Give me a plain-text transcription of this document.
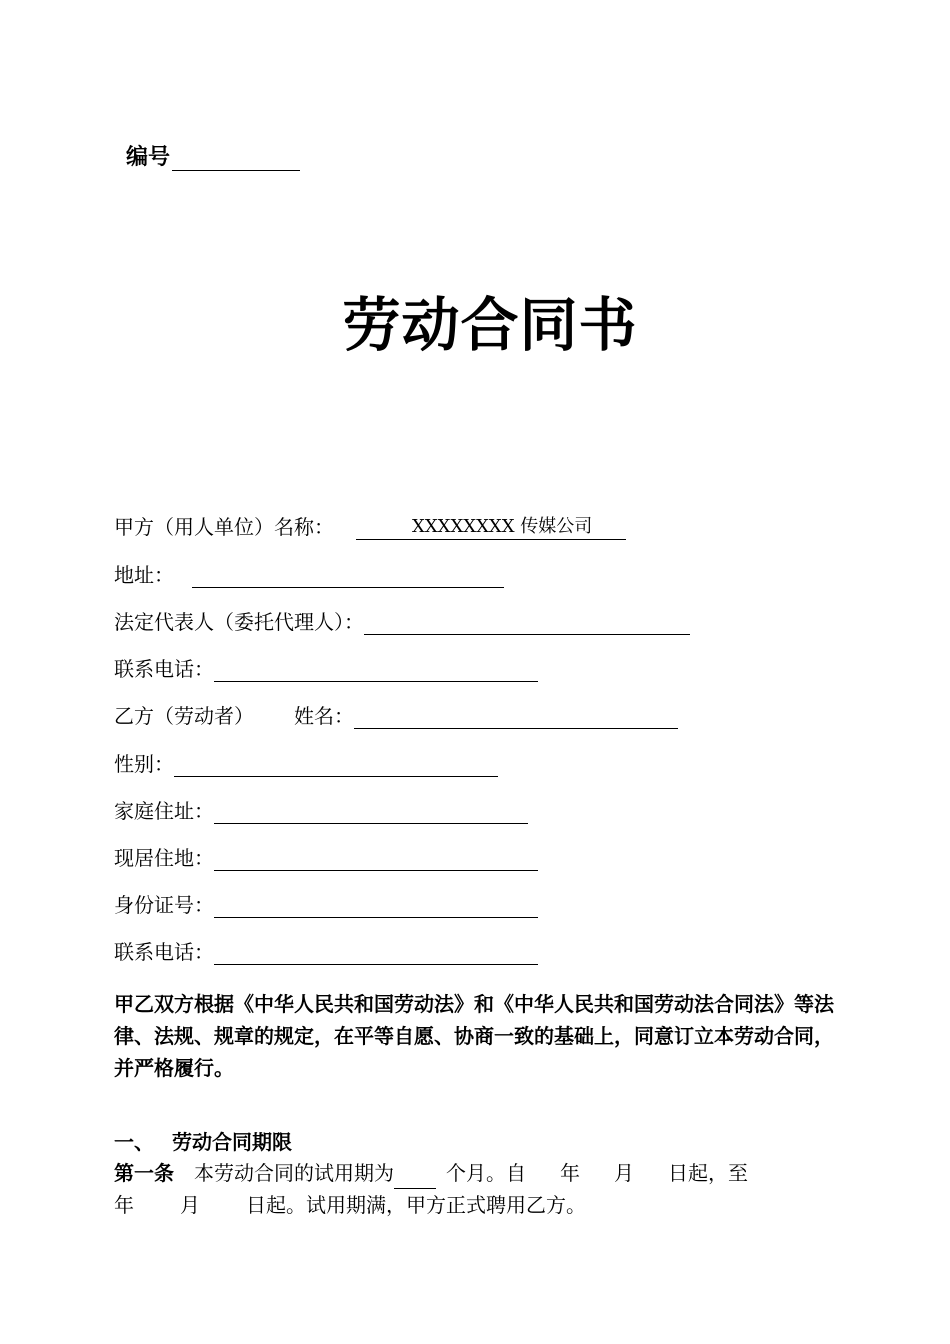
编号
劳动合同书
甲方（用人单位）名称：	XXXXXXXX 传媒公司
地址：
法定代表人（委托代理人）：
联系电话：
乙方（劳动者） 姓名：
性别：
家庭住址：
现居住地：
身份证号：
联系电话：
甲乙双方根据《中华人民共和国劳动法》和《中华人民共和国劳动法合同法》等法律、法规、规章的规定，在平等自愿、协商一致的基础上，同意订立本劳动合同，并严格履行。
一、 劳动合同期限
第一条 本劳动合同的试用期为	个月。自 年 月 日起，至
年 月 日起。试用期满，甲方正式聘用乙方。
